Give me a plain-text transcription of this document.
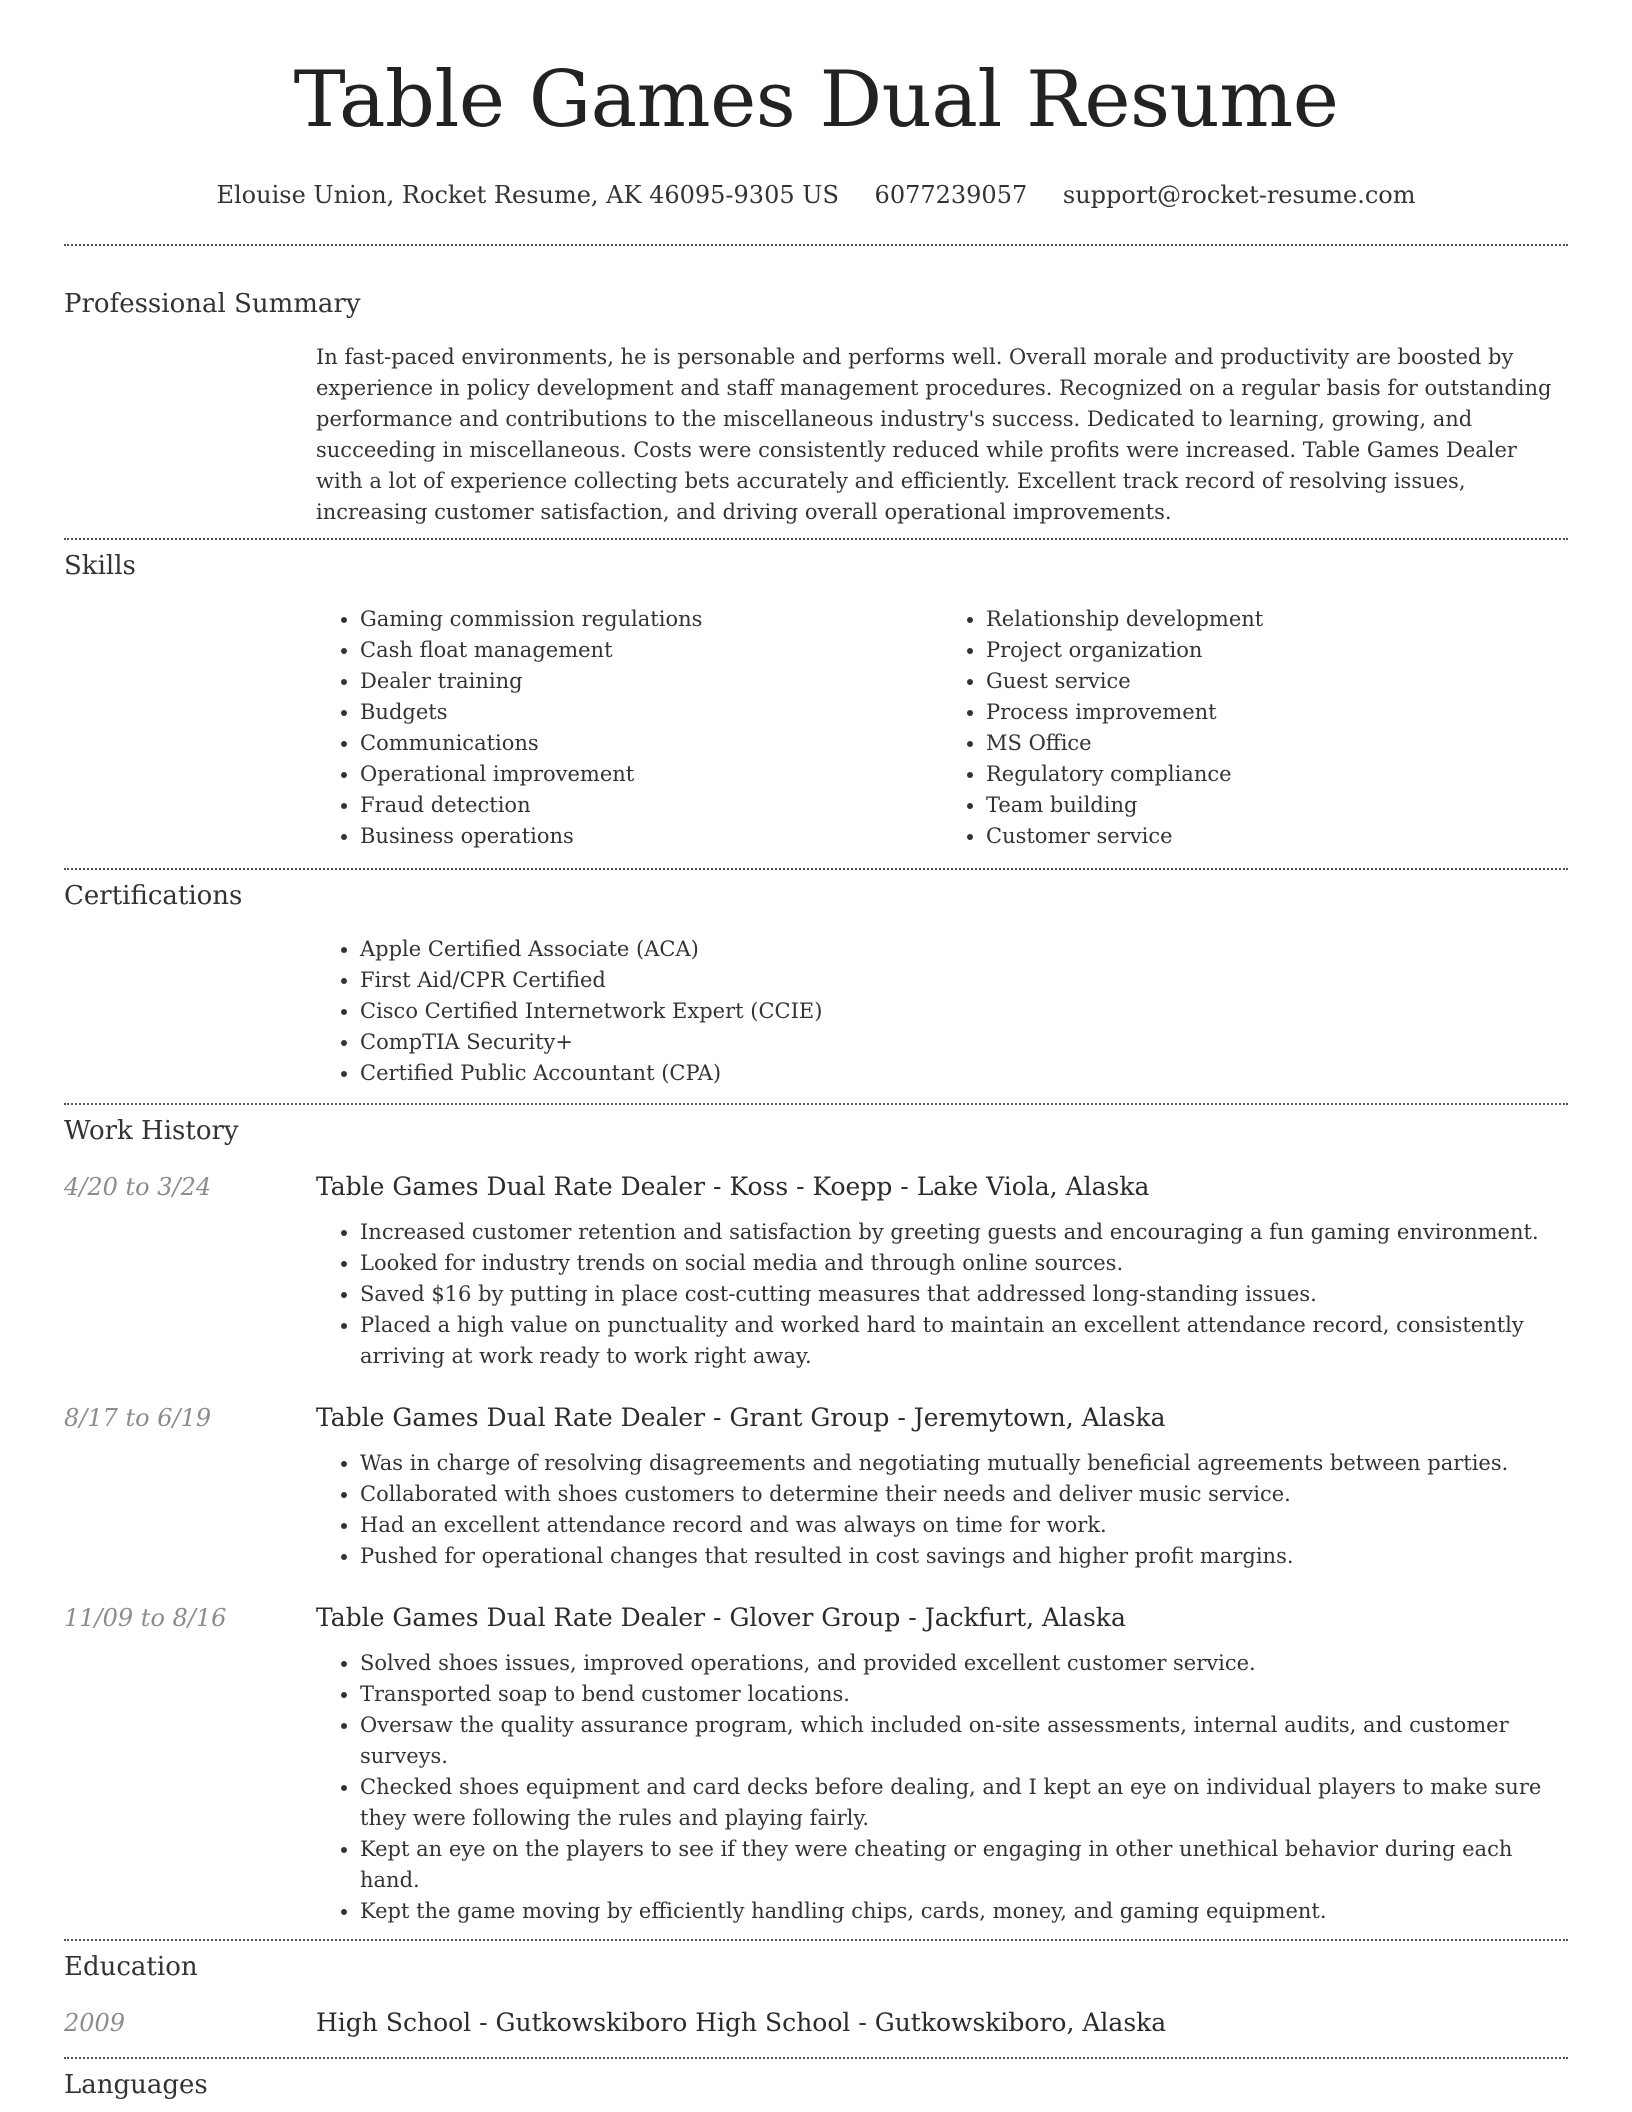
Table Games Dual Resume
Elouise Union, Rocket Resume, AK 46095-9305 US 6077239057 support@rocket-resume.com
Professional Summary
In fast-paced environments, he is personable and performs well. Overall morale and productivity are boosted by experience in policy development and staff management procedures. Recognized on a regular basis for outstanding performance and contributions to the miscellaneous industry's success. Dedicated to learning, growing, and succeeding in miscellaneous. Costs were consistently reduced while profits were increased. Table Games Dealer with a lot of experience collecting bets accurately and efficiently. Excellent track record of resolving issues, increasing customer satisfaction, and driving overall operational improvements.
Skills
• Gaming commission regulations
• Cash float management
• Dealer training
• Budgets
• Communications
• Operational improvement
• Fraud detection
• Business operations
• Relationship development
• Project organization
• Guest service
• Process improvement
• MS Office
• Regulatory compliance
• Team building
• Customer service
Certifications
• Apple Certified Associate (ACA)
• First Aid/CPR Certified
• Cisco Certified Internetwork Expert (CCIE)
• CompTIA Security+
• Certified Public Accountant (CPA)
Work History
4/20 to 3/24	Table Games Dual Rate Dealer - Koss - Koepp - Lake Viola, Alaska
• Increased customer retention and satisfaction by greeting guests and encouraging a fun gaming environment.
• Looked for industry trends on social media and through online sources.
• Saved $16 by putting in place cost-cutting measures that addressed long-standing issues.
• Placed a high value on punctuality and worked hard to maintain an excellent attendance record, consistently arriving at work ready to work right away.
8/17 to 6/19	Table Games Dual Rate Dealer - Grant Group - Jeremytown, Alaska
• Was in charge of resolving disagreements and negotiating mutually beneficial agreements between parties.
• Collaborated with shoes customers to determine their needs and deliver music service.
• Had an excellent attendance record and was always on time for work.
• Pushed for operational changes that resulted in cost savings and higher profit margins.
11/09 to 8/16	Table Games Dual Rate Dealer - Glover Group - Jackfurt, Alaska
• Solved shoes issues, improved operations, and provided excellent customer service.
• Transported soap to bend customer locations.
• Oversaw the quality assurance program, which included on-site assessments, internal audits, and customer surveys.
• Checked shoes equipment and card decks before dealing, and I kept an eye on individual players to make sure they were following the rules and playing fairly.
• Kept an eye on the players to see if they were cheating or engaging in other unethical behavior during each hand.
• Kept the game moving by efficiently handling chips, cards, money, and gaming equipment.
Education
2009	High School - Gutkowskiboro High School - Gutkowskiboro, Alaska
Languages
